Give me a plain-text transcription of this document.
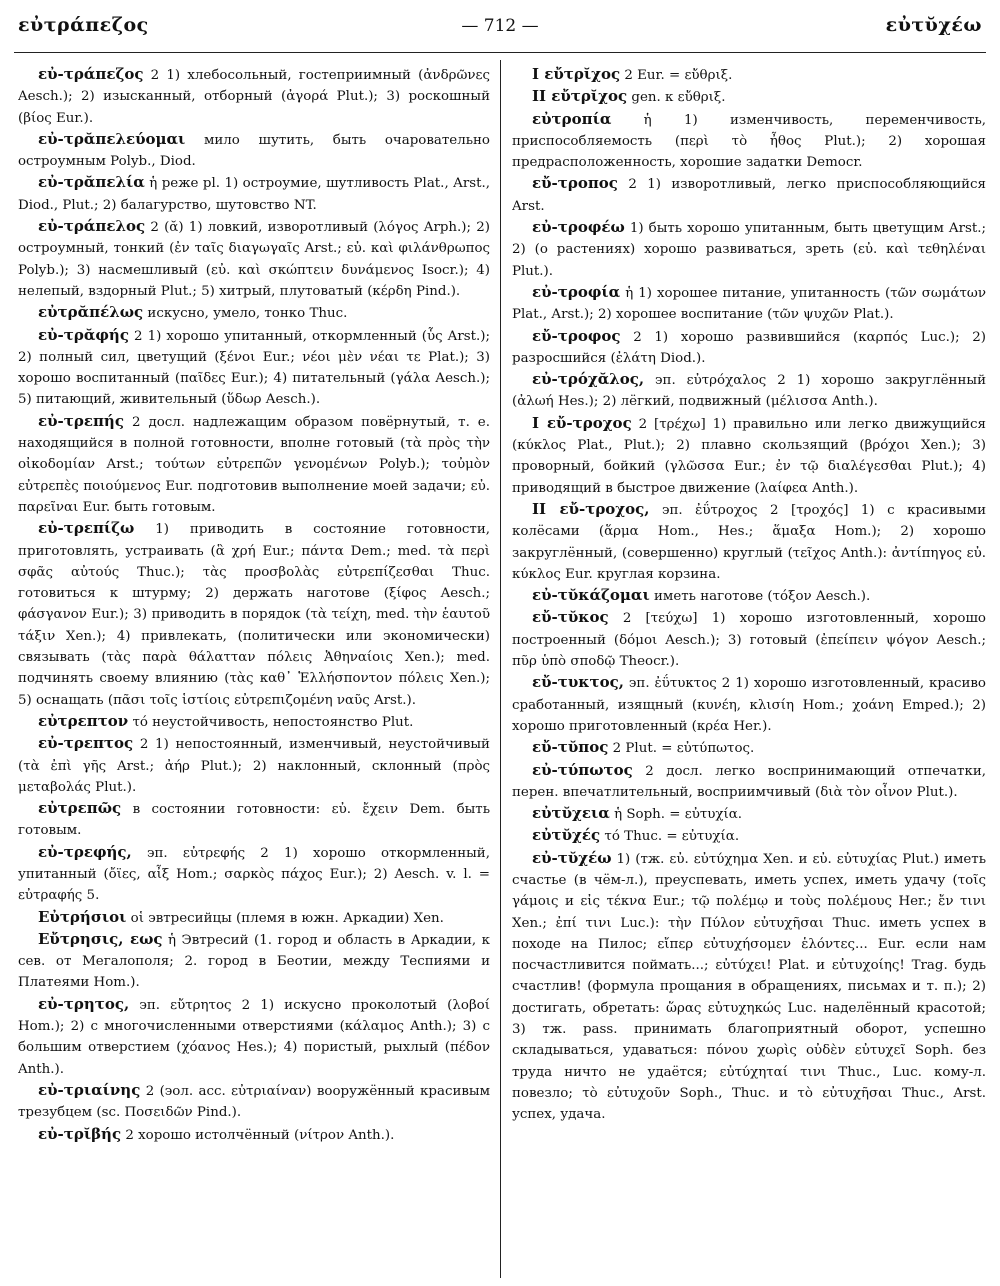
εὐτράπεζος	— 712 —	εὐτῠχέω

εὐ-τράπεζος 2 1) хлебосольный, гостеприимный (ἀνδρῶνες Aesch.); 2) изысканный, отборный (ἀγορά Plut.); 3) роскошный (βίος Eur.).

εὐ-τρᾰπελεύομαι мило шутить, быть очаровательно остроумным Polyb., Diod.

εὐ-τρᾰπελία ἡ реже pl. 1) остроумие, шутливость Plat., Arst., Diod., Plut.; 2) балагурство, шутовство NT.

εὐ-τράπελος 2 (ᾰ) 1) ловкий, изворотливый (λόγος Arph.); 2) остроумный, тонкий (ἐν ταῖς διαγωγαῖς Arst.; εὐ. καὶ φιλάνθρωπος Polyb.); 3) насмешливый (εὐ. καὶ σκώπτειν δυνάμενος Isocr.); 4) нелепый, вздорный Plut.; 5) хитрый, плутоватый (κέρδη Pind.).

εὐτρᾰπέλως искусно, умело, тонко Thuc.

εὐ-τρᾰφής 2 1) хорошо упитанный, откормленный (ὗς Arst.); 2) полный сил, цветущий (ξένοι Eur.; νέοι μὲν νέαι τε Plat.); 3) хорошо воспитанный (παῖδες Eur.); 4) питательный (γάλα Aesch.); 5) питающий, живительный (ὕδωρ Aesch.).

εὐ-τρεπής 2 досл. надлежащим образом повёрнутый, т. е. находящийся в полной готовности, вполне готовый (τὰ πρὸς τὴν οἰκοδομίαν Arst.; τούτων εὐτρεπῶν γενομένων Polyb.); τοὐμὸν εὐτρεπὲς ποιούμενος Eur. подготовив выполнение моей задачи; εὐ. παρεῖναι Eur. быть готовым.

εὐ-τρεπίζω 1) приводить в состояние готовности, приготовлять, устраивать (ἃ χρή Eur.; πάντα Dem.; med. τὰ περὶ σφᾶς αὐτούς Thuc.); τὰς προσβολὰς εὐτρεπίζεσθαι Thuc. готовиться к штурму; 2) держать наготове (ξίφος Aesch.; φάσγανον Eur.); 3) приводить в порядок (τὰ τείχη, med. τὴν ἑαυτοῦ τάξιν Xen.); 4) привлекать, (политически или экономически) связывать (τὰς παρὰ θάλατταν πόλεις Ἀθηναίοις Xen.); med. подчинять своему влиянию (τὰς καθ᾽ Ἑλλήσποντον πόλεις Xen.); 5) оснащать (πᾶσι τοῖς ἱστίοις εὐτρεπιζομένη ναῦς Arst.).

εὐτρεπτον τό неустойчивость, непостоянство Plut.

εὐ-τρεπτος 2 1) непостоянный, изменчивый, неустойчивый (τὰ ἐπὶ γῆς Arst.; ἀήρ Plut.); 2) наклонный, склонный (πρὸς μεταβολάς Plut.).

εὐτρεπῶς в состоянии готовности: εὐ. ἔχειν Dem. быть готовым.

εὐ-τρεφής, эп. εὐτρεφής 2 1) хорошо откормленный, упитанный (ὄϊες, αἶξ Hom.; σαρκὸς πάχος Eur.); 2) Aesch. v. l. = εὐτραφής 5.

Εὐτρήσιοι οἱ эвтресийцы (племя в южн. Аркадии) Xen.

Εὔτρησις, εως ἡ Эвтресий (1. город и область в Аркадии, к сев. от Мегалополя; 2. город в Беотии, между Теспиями и Платеями Hom.).

εὐ-τρητος, эп. εὔτρητος 2 1) искусно проколотый (λοβοί Hom.); 2) с многочисленными отверстиями (κάλαμος Anth.); 3) с большим отверстием (χόανος Hes.); 4) пористый, рыхлый (πέδον Anth.).

εὐ-τριαίνης 2 (эол. acc. εὐτριαίναν) вооружённый красивым трезубцем (sc. Ποσειδῶν Pind.).

εὐ-τρῐβής 2 хорошо истолчённый (νίτρον Anth.).

I εὔτρῐχος 2 Eur. = εὔθριξ.

II εὔτρῐχος gen. к εὔθριξ.

εὐτροπία ἡ 1) изменчивость, переменчивость, приспособляемость (περὶ τὸ ἦθος Plut.); 2) хорошая предрасположенность, хорошие задатки Democr.

εὔ-τροπος 2 1) изворотливый, легко приспособляющийся Arst.

εὐ-τροφέω 1) быть хорошо упитанным, быть цветущим Arst.; 2) (о растениях) хорошо развиваться, зреть (εὐ. καὶ τεθηλέναι Plut.).

εὐ-τροφία ἡ 1) хорошее питание, упитанность (τῶν σωμάτων Plat., Arst.); 2) хорошее воспитание (τῶν ψυχῶν Plat.).

εὔ-τροφος 2 1) хорошо развившийся (καρπός Luc.); 2) разросшийся (ἐλάτη Diod.).

εὐ-τρόχᾰλος, эп. εὐτρόχαλος 2 1) хорошо закруглённый (ἀλωή Hes.); 2) лёгкий, подвижный (μέλισσα Anth.).

I εὔ-τροχος 2 [τρέχω] 1) правильно или легко движущийся (κύκλος Plat., Plut.); 2) плавно скользящий (βρόχοι Xen.); 3) проворный, бойкий (γλῶσσα Eur.; ἐν τῷ διαλέγεσθαι Plut.); 4) приводящий в быстрое движение (λαίφεα Anth.).

II εὔ-τροχος, эп. ἐΰτροχος 2 [τροχός] 1) с красивыми колёсами (ἅρμα Hom., Hes.; ἅμαξα Hom.); 2) хорошо закруглённый, (совершенно) круглый (τεῖχος Anth.): ἀντίπηγος εὐ. κύκλος Eur. круглая корзина.

εὐ-τῠκάζομαι иметь наготове (τόξον Aesch.).

εὔ-τῠκος 2 [τεύχω] 1) хорошо изготовленный, хорошо построенный (δόμοι Aesch.); 3) готовый (ἐπείπειν ψόγον Aesch.; πῦρ ὑπὸ σποδῷ Theocr.).

εὔ-τυκτος, эп. ἐΰτυκτος 2 1) хорошо изготовленный, красиво сработанный, изящный (κυνέη, κλισίη Hom.; χοάνη Emped.); 2) хорошо приготовленный (κρέα Her.).

εὔ-τῠπος 2 Plut. = εὐτύπωτος.

εὐ-τύπωτος 2 досл. легко воспринимающий отпечатки, перен. впечатлительный, восприимчивый (διὰ τὸν οἶνον Plut.).

εὐτῠχεια ἡ Soph. = εὐτυχία.

εὐτῠχές τό Thuc. = εὐτυχία.

εὐ-τῠχέω 1) (тж. εὐ. εὐτύχημα Xen. и εὐ. εὐτυχίας Plut.) иметь счастье (в чём-л.), преуспевать, иметь успех, иметь удачу (τοῖς γάμοις и εἰς τέκνα Eur.; τῷ πολέμῳ и τοὺς πολέμους Her.; ἔν τινι Xen.; ἐπί τινι Luc.): τὴν Πύλον εὐτυχῆσαι Thuc. иметь успех в походе на Пилос; εἴπερ εὐτυχήσομεν ἑλόντες... Eur. если нам посчастливится поймать...; εὐτύχει! Plat. и εὐτυχοίης! Trag. будь счастлив! (формула прощания в обращениях, письмах и т. п.); 2) достигать, обретать: ὥρας εὐτυχηκώς Luc. наделённый красотой; 3) тж. pass. принимать благоприятный оборот, успешно складываться, удаваться: πόνου χωρὶς οὐδὲν εὐτυχεῖ Soph. без труда ничто не удаётся; εὐτύχηταί τινι Thuc., Luc. кому-л. повезло; τὸ εὐτυχοῦν Soph., Thuc. и τὸ εὐτυχῆσαι Thuc., Arst. успех, удача.
